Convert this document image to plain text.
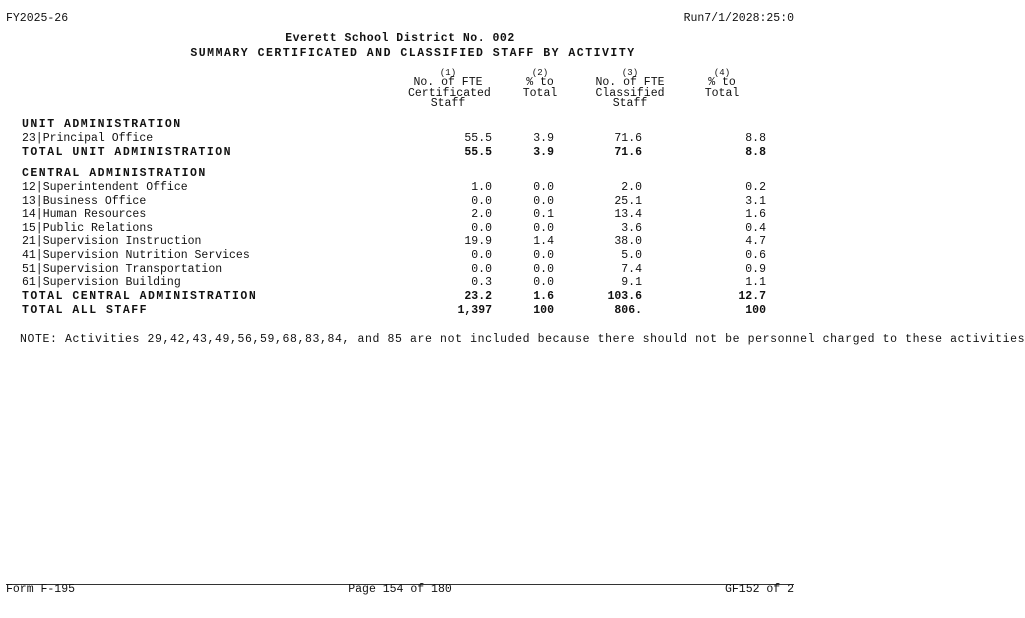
FY2025-26	Run7/1/2028:25:0
Everett School District No. 002
SUMMARY CERTIFICATED AND CLASSIFIED STAFF BY ACTIVITY
(1)
No. of FTE
Certificated
Staff
(2)
% to
Total
(3)
No. of FTE
Classified
Staff
(4)
% to
Total
UNIT ADMINISTRATION
23|Principal Office	55.5	3.9	71.6	8.8
TOTAL UNIT ADMINISTRATION	55.5	3.9	71.6	8.8
CENTRAL ADMINISTRATION
12|Superintendent Office	1.0	0.0	2.0	0.2
13|Business Office	0.0	0.0	25.1	3.1
14|Human Resources	2.0	0.1	13.4	1.6
15|Public Relations	0.0	0.0	3.6	0.4
21|Supervision Instruction	19.9	1.4	38.0	4.7
41|Supervision Nutrition Services	0.0	0.0	5.0	0.6
51|Supervision Transportation	0.0	0.0	7.4	0.9
61|Supervision Building	0.3	0.0	9.1	1.1
TOTAL CENTRAL ADMINISTRATION	23.2	1.6	103.6	12.7
TOTAL ALL STAFF	1,397	100	806.	100
NOTE: Activities 29,42,43,49,56,59,68,83,84, and 85 are not included because there should not be personnel charged to these activities
Form F-195	Page 154 of 180	GF152 of 2
